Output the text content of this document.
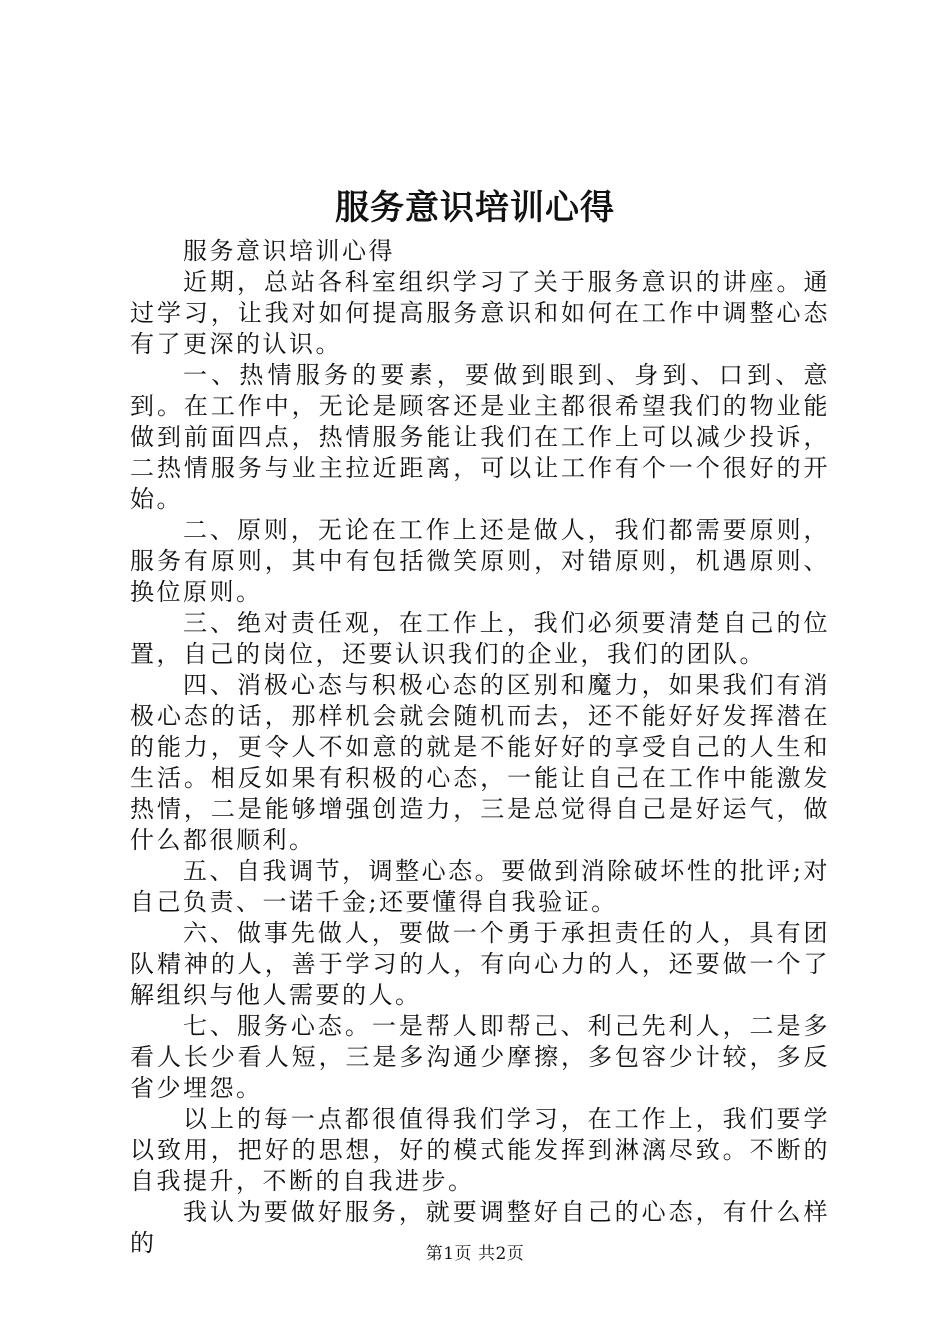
服务意识培训心得

服务意识培训心得

近期，总站各科室组织学习了关于服务意识的讲座。通过学习，让我对如何提高服务意识和如何在工作中调整心态有了更深的认识。

一、热情服务的要素，要做到眼到、身到、口到、意到。在工作中，无论是顾客还是业主都很希望我们的物业能做到前面四点，热情服务能让我们在工作上可以减少投诉，二热情服务与业主拉近距离，可以让工作有个一个很好的开始。

二、原则，无论在工作上还是做人，我们都需要原则，服务有原则，其中有包括微笑原则，对错原则，机遇原则、换位原则。

三、绝对责任观，在工作上，我们必须要清楚自己的位置，自己的岗位，还要认识我们的企业，我们的团队。

四、消极心态与积极心态的区别和魔力，如果我们有消极心态的话，那样机会就会随机而去，还不能好好发挥潜在的能力，更令人不如意的就是不能好好的享受自己的人生和生活。相反如果有积极的心态，一能让自己在工作中能激发热情，二是能够增强创造力，三是总觉得自己是好运气，做什么都很顺利。

五、自我调节，调整心态。要做到消除破坏性的批评;对自己负责、一诺千金;还要懂得自我验证。

六、做事先做人，要做一个勇于承担责任的人，具有团队精神的人，善于学习的人，有向心力的人，还要做一个了解组织与他人需要的人。

七、服务心态。一是帮人即帮己、利己先利人，二是多看人长少看人短，三是多沟通少摩擦，多包容少计较，多反省少埋怨。

以上的每一点都很值得我们学习，在工作上，我们要学以致用，把好的思想，好的模式能发挥到淋漓尽致。不断的自我提升，不断的自我进步。

我认为要做好服务，就要调整好自己的心态，有什么样的	第1页 共2页
